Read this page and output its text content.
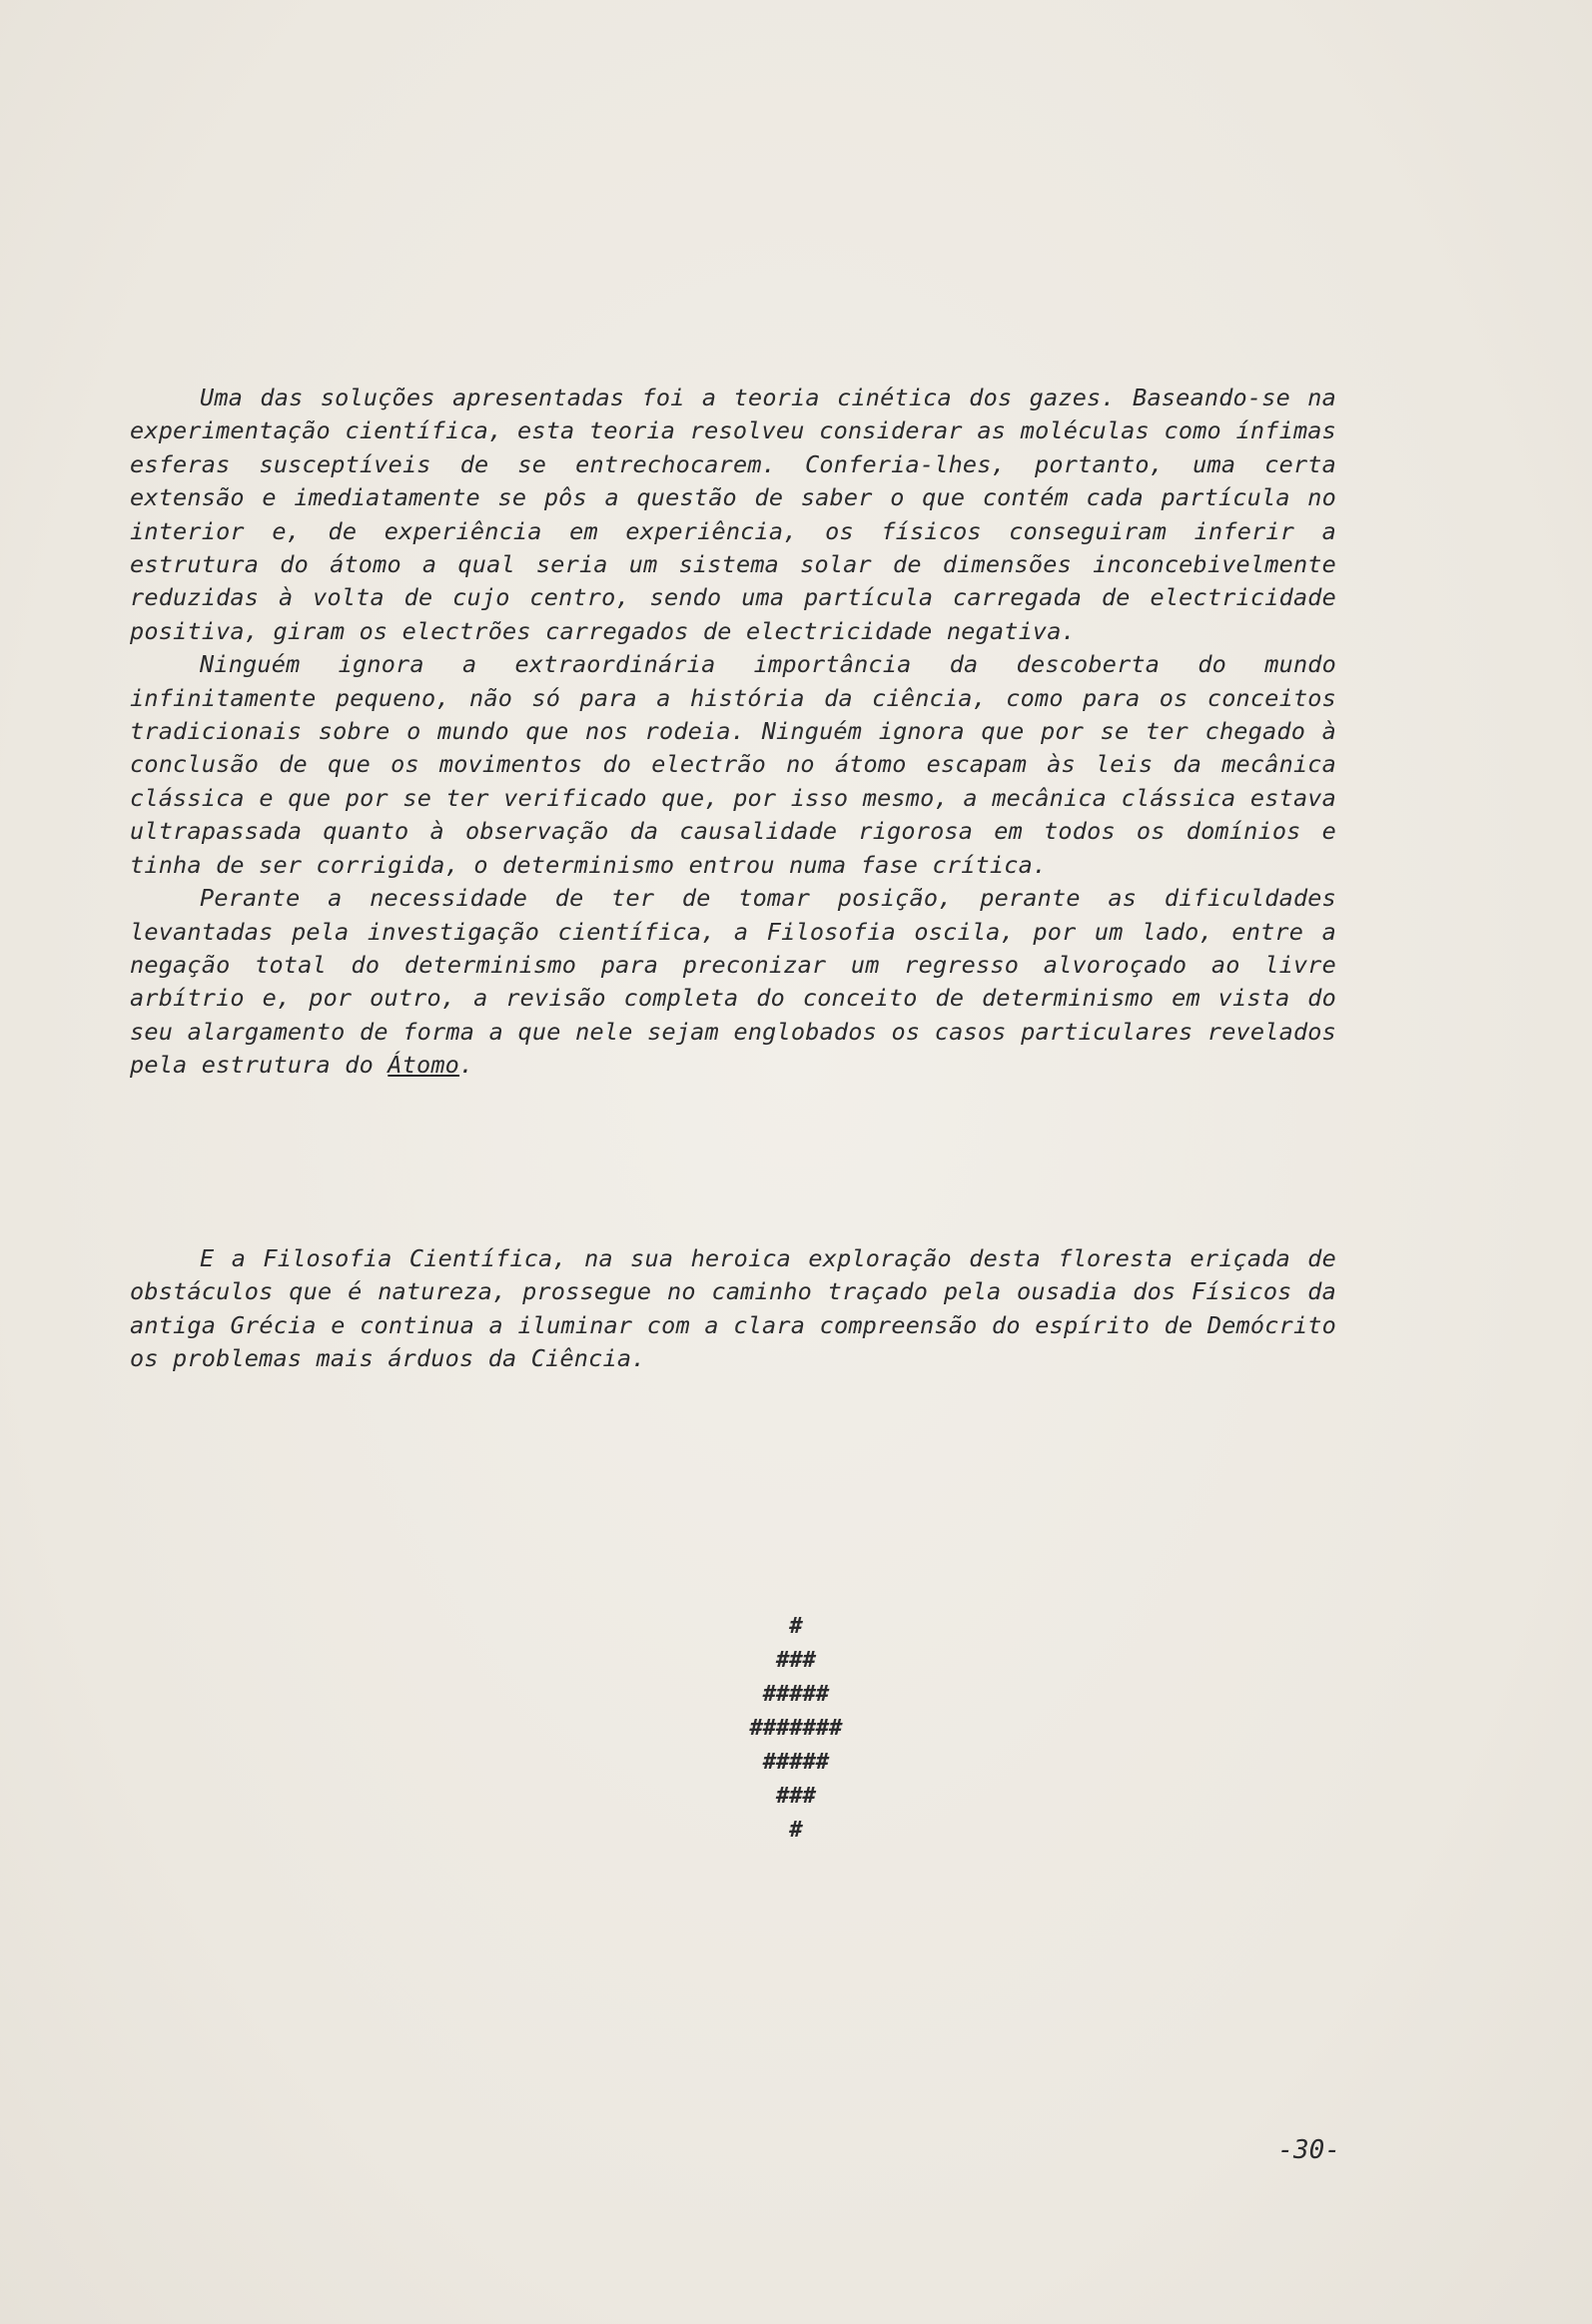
Uma das soluções apresentadas foi a teoria cinética dos gazes. Baseando-se na experimentação científica, esta teoria resolveu considerar as moléculas como ínfimas esferas susceptíveis de se entrechocarem. Conferia-lhes, portanto, uma certa extensão e imediatamente se pôs a questão de saber o que contém cada partícula no interior e, de experiência em experiência, os físicos conseguiram inferir a estrutura do átomo a qual seria um sistema solar de dimensões inconcebivelmente reduzidas à volta de cujo centro, sendo uma partícula carregada de electricidade positiva, giram os electrões carregados de electricidade negativa.

Ninguém ignora a extraordinária importância da descoberta do mundo infinitamente pequeno, não só para a história da ciência, como para os conceitos tradicionais sobre o mundo que nos rodeia. Ninguém ignora que por se ter chegado à conclusão de que os movimentos do electrão no átomo escapam às leis da mecânica clássica e que por se ter verificado que, por isso mesmo, a mecânica clássica estava ultrapassada quanto à observação da causalidade rigorosa em todos os domínios e tinha de ser corrigida, o determinismo entrou numa fase crítica.

Perante a necessidade de ter de tomar posição, perante as dificuldades levantadas pela investigação científica, a Filosofia oscila, por um lado, entre a negação total do determinismo para preconizar um regresso alvoroçado ao livre arbítrio e, por outro, a revisão completa do conceito de determinismo em vista do seu alargamento de forma a que nele sejam englobados os casos particulares revelados pela estrutura do Átomo.

E a Filosofia Científica, na sua heroica exploração desta floresta eriçada de obstáculos que é natureza, prossegue no caminho traçado pela ousadia dos Físicos da antiga Grécia e continua a iluminar com a clara compreensão do espírito de Demócrito os problemas mais árduos da Ciência.

#
###
#####
#######
#####
###
#
-30-
